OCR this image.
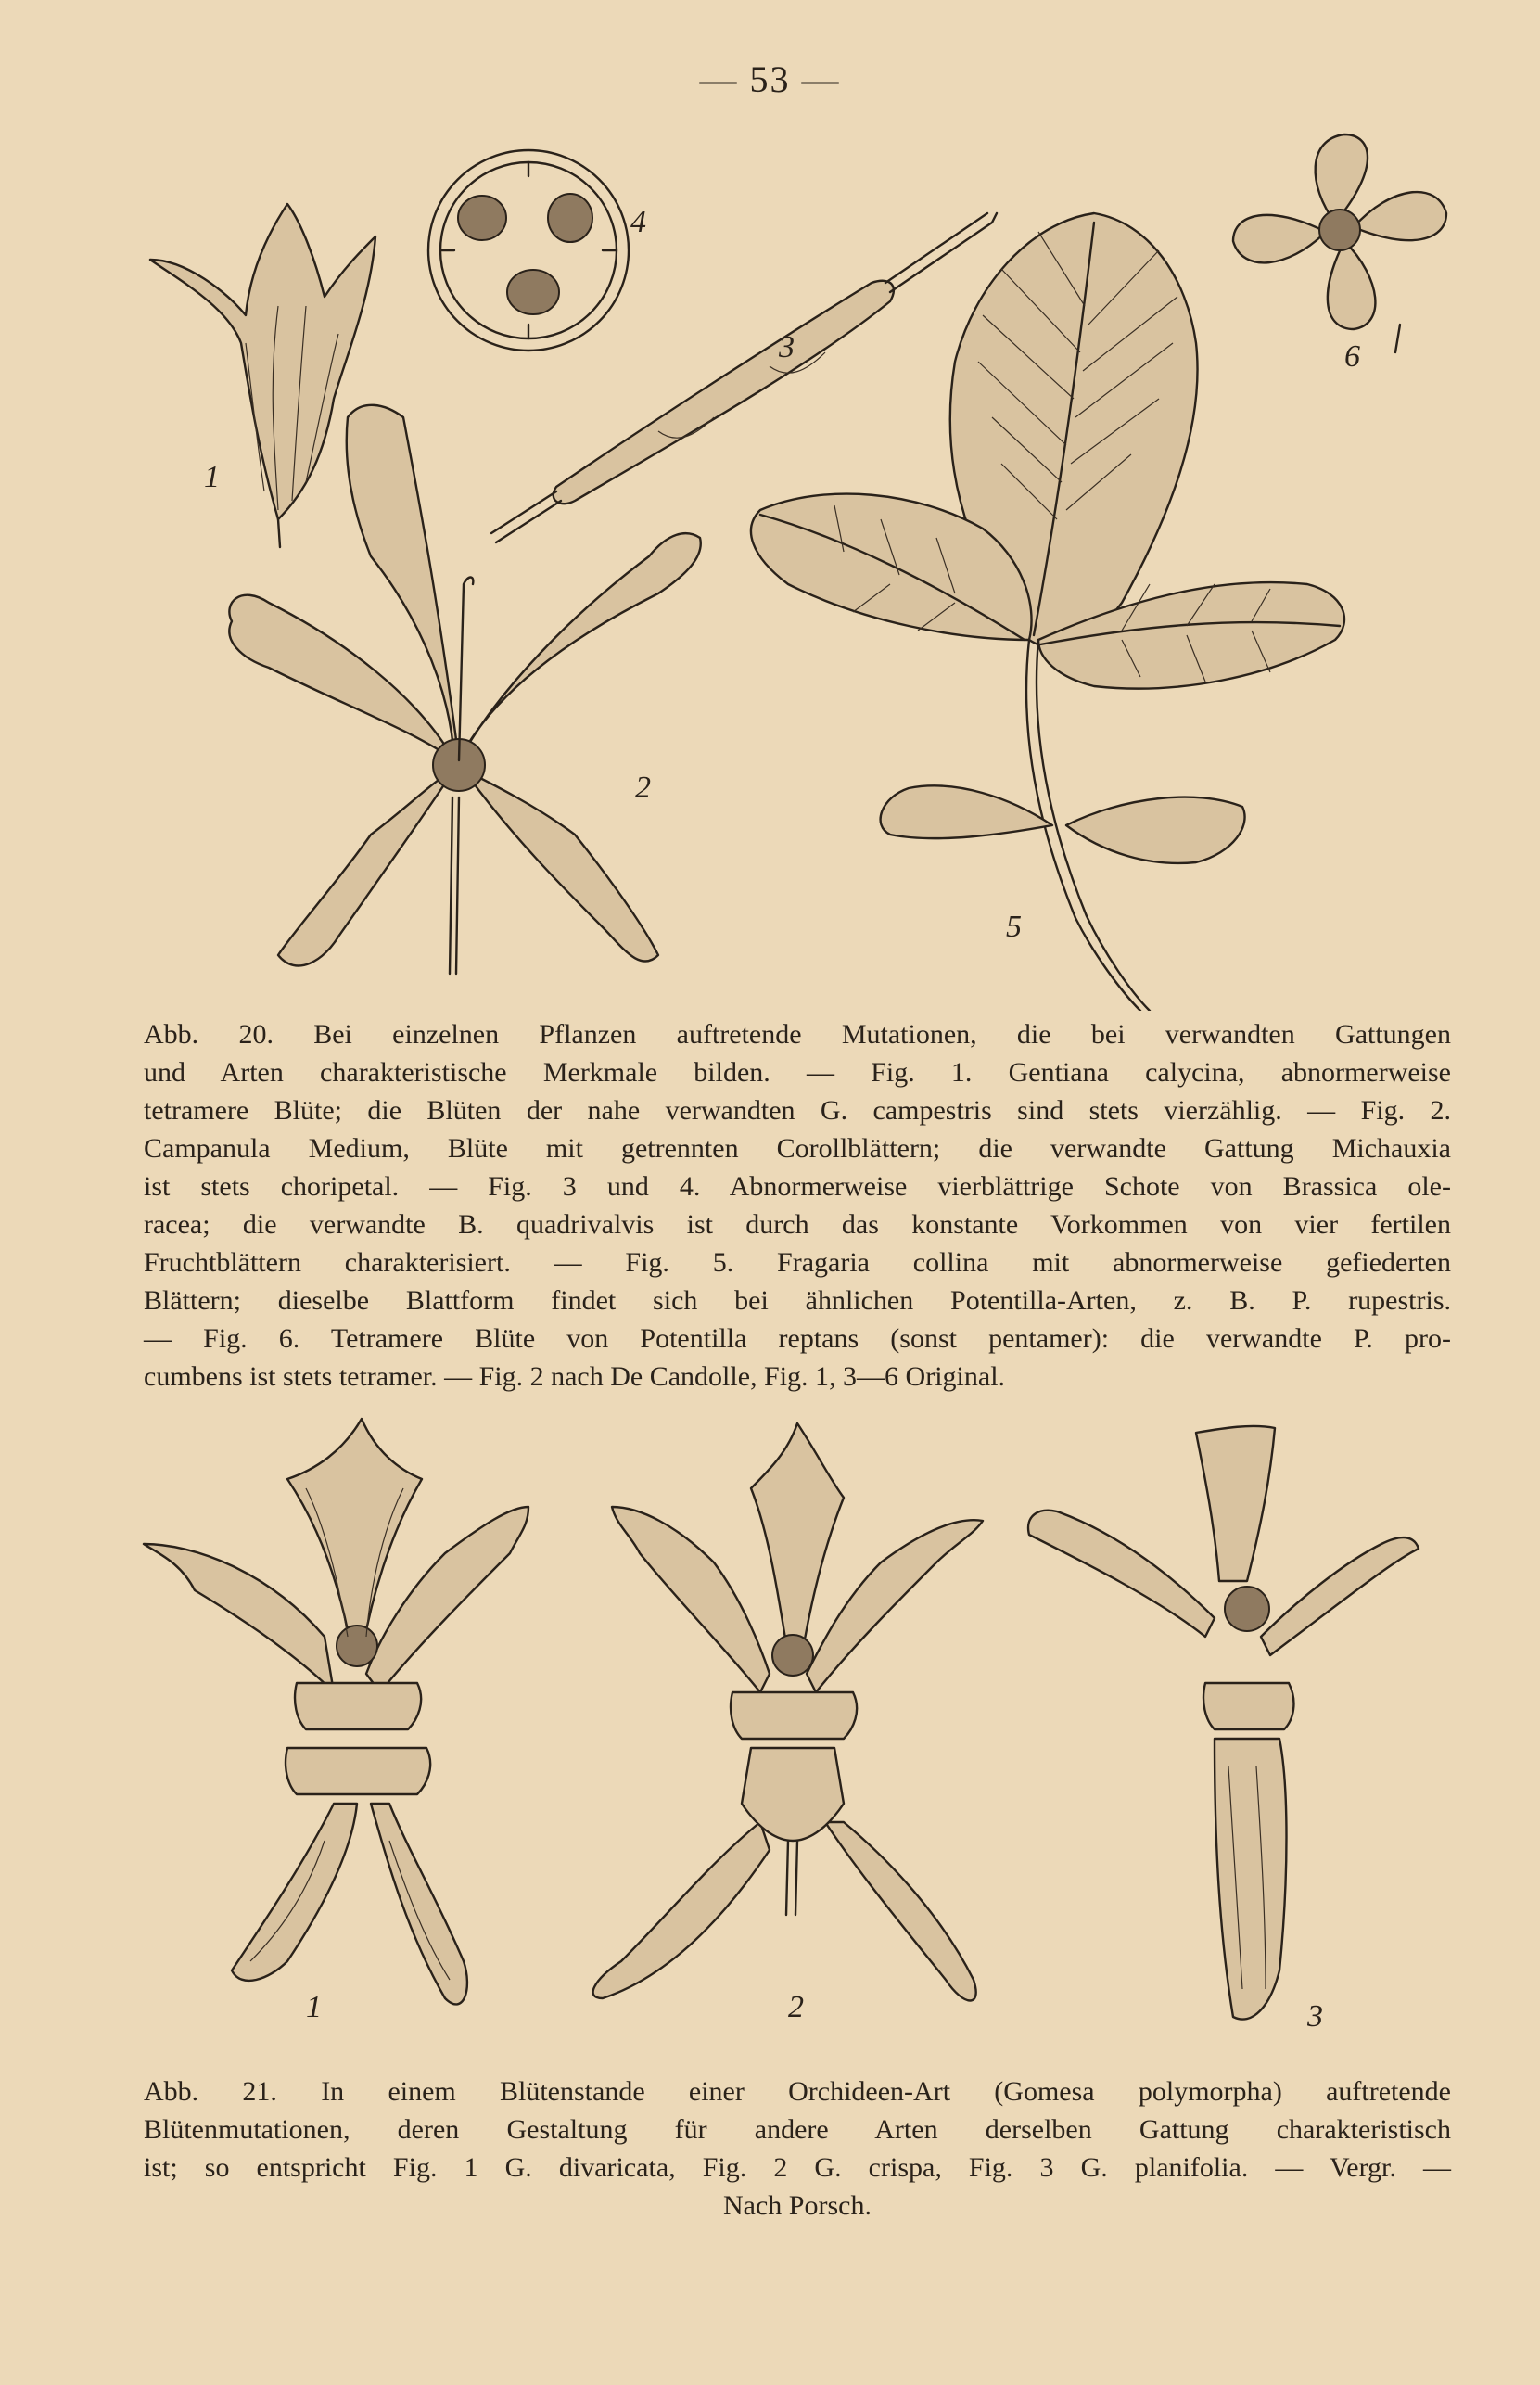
— 53 —
1
2
3
4
5
6
Abb. 20. Bei einzelnen Pflanzen auftretende Mutationen, die bei verwandten Gattungen
und Arten charakteristische Merkmale bilden. — Fig. 1. Gentiana calycina, abnormerweise
tetramere Blüte; die Blüten der nahe verwandten G. campestris sind stets vierzählig. — Fig. 2.
Campanula Medium, Blüte mit getrennten Corollblättern; die verwandte Gattung Michauxia
ist stets choripetal. — Fig. 3 und 4. Abnormerweise vierblättrige Schote von Brassica ole-
racea; die verwandte B. quadrivalvis ist durch das konstante Vorkommen von vier fertilen
Fruchtblättern charakterisiert. — Fig. 5. Fragaria collina mit abnormerweise gefiederten
Blättern; dieselbe Blattform findet sich bei ähnlichen Potentilla-Arten, z. B. P. rupestris.
— Fig. 6. Tetramere Blüte von Potentilla reptans (sonst pentamer): die verwandte P. pro-
cumbens ist stets tetramer. — Fig. 2 nach De Candolle, Fig. 1, 3—6 Original.
1	2	3
Abb. 21. In einem Blütenstande einer Orchideen-Art (Gomesa polymorpha) auftretende
Blütenmutationen, deren Gestaltung für andere Arten derselben Gattung charakteristisch
ist; so entspricht Fig. 1 G. divaricata, Fig. 2 G. crispa, Fig. 3 G. planifolia. — Vergr. —
Nach Porsch.
